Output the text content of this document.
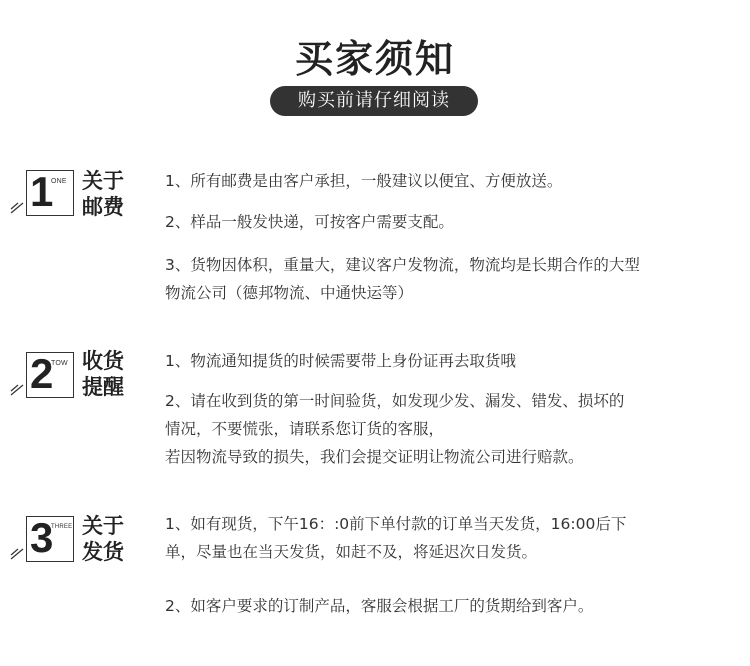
买家须知
购买前请仔细阅读
1
ONE 关于
邮费

1、所有邮费是由客户承担，一般建议以便宜、方便放送。

2、样品一般发快递，可按客户需要支配。

3、货物因体积，重量大，建议客户发物流，物流均是长期合作的大型
物流公司（德邦物流、中通快运等）

2
TOW 收货
提醒

1、物流通知提货的时候需要带上身份证再去取货哦

2、请在收到货的第一时间验货，如发现少发、漏发、错发、损坏的
情况，不要慌张，请联系您订货的客服，
若因物流导致的损失，我们会提交证明让物流公司进行赔款。

3
THREE 关于
发货

1、如有现货，下午16：:0前下单付款的订单当天发货，16:00后下
单，尽量也在当天发货，如赶不及，将延迟次日发货。

2、如客户要求的订制产品，客服会根据工厂的货期给到客户。
